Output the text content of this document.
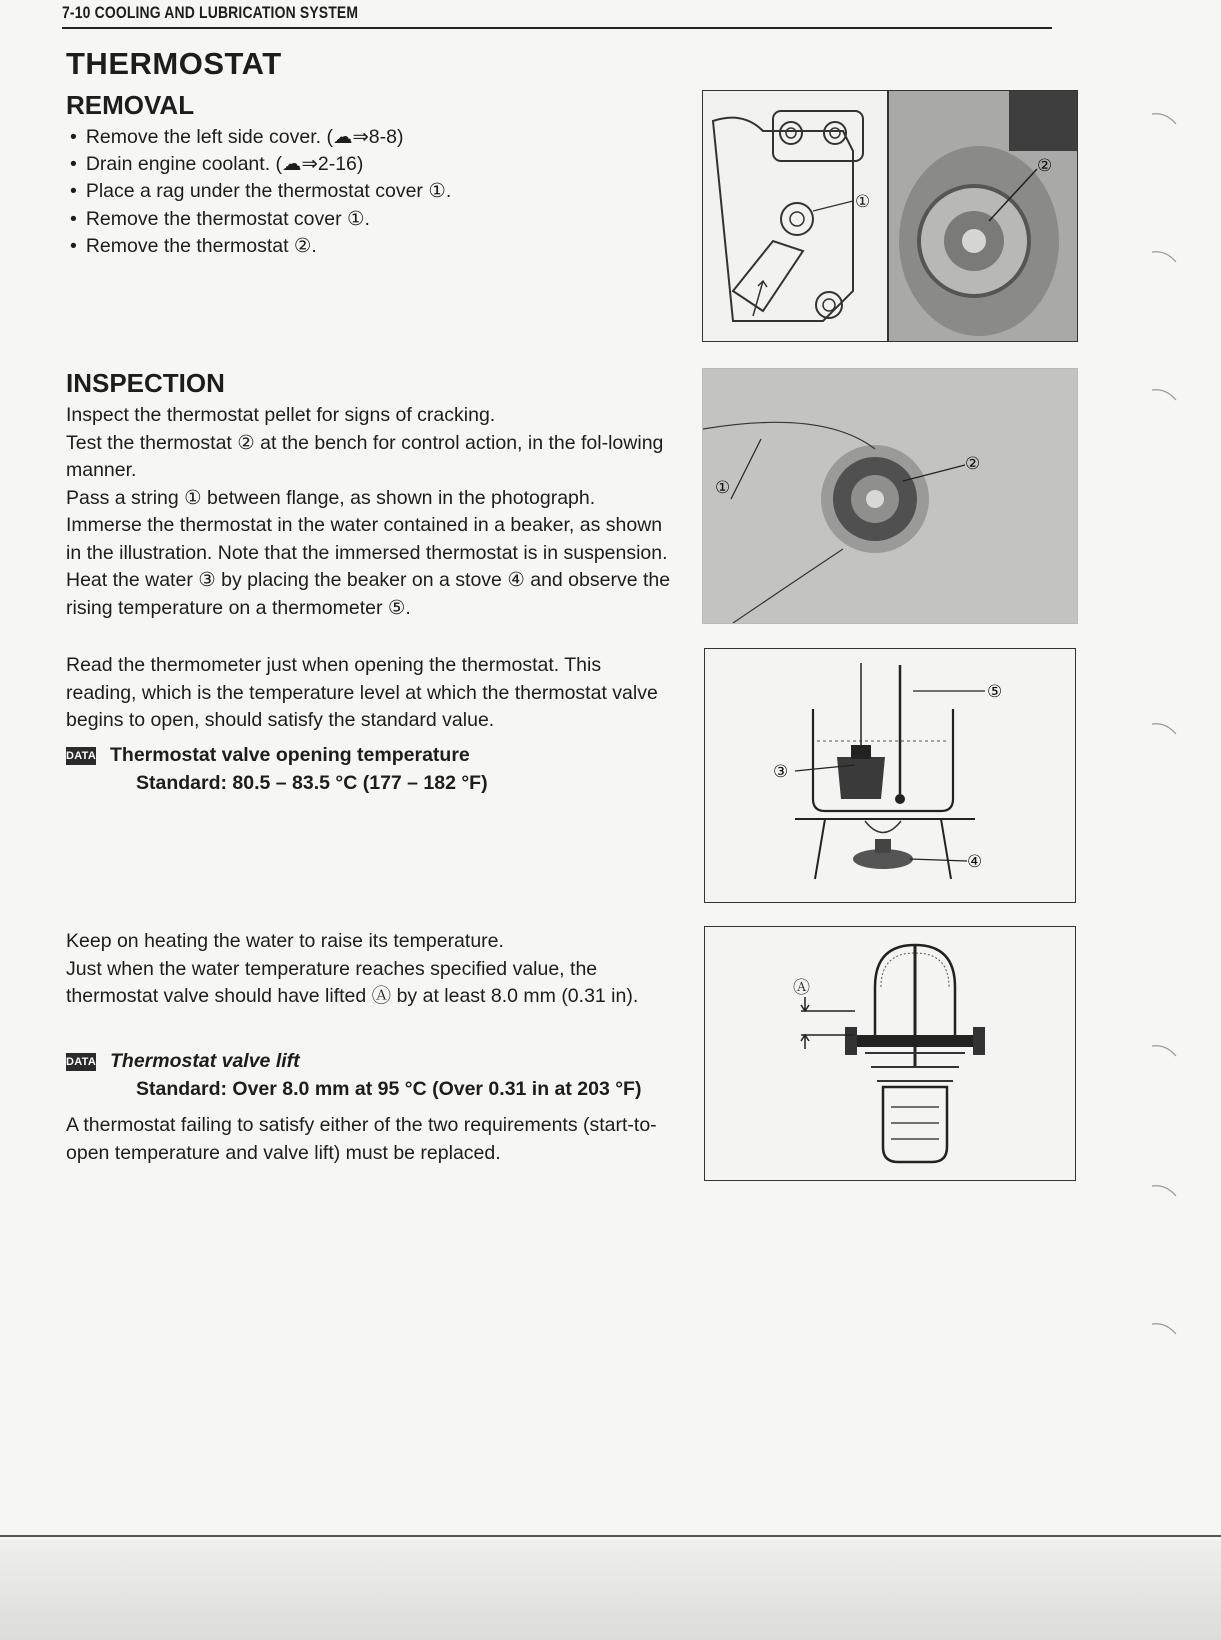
7-10 COOLING AND LUBRICATION SYSTEM
THERMOSTAT
REMOVAL
• Remove the left side cover. (☁⇒8-8)
• Drain engine coolant. (☁⇒2-16)
• Place a rag under the thermostat cover ①.
• Remove the thermostat cover ①.
• Remove the thermostat ②.
①
②
INSPECTION

Inspect the thermostat pellet for signs of cracking.

Test the thermostat ② at the bench for control action, in the fol-lowing manner.

Pass a string ① between flange, as shown in the photograph. Immerse the thermostat in the water contained in a beaker, as shown in the illustration. Note that the immersed thermostat is in suspension. Heat the water ③ by placing the beaker on a stove ④ and observe the rising temperature on a thermometer ⑤.

②
①

Read the thermometer just when opening the thermostat. This reading, which is the temperature level at which the thermostat valve begins to open, should satisfy the standard value.

DATA Thermostat valve opening temperature
Standard: 80.5 – 83.5 °C (177 – 182 °F)
⑤
③
④

Keep on heating the water to raise its temperature.

Just when the water temperature reaches specified value, the thermostat valve should have lifted Ⓐ by at least 8.0 mm (0.31 in).

DATA Thermostat valve lift
Standard: Over 8.0 mm at 95 °C (Over 0.31 in at 203 °F)
A thermostat failing to satisfy either of the two requirements (start-to-open temperature and valve lift) must be replaced.
Ⓐ
